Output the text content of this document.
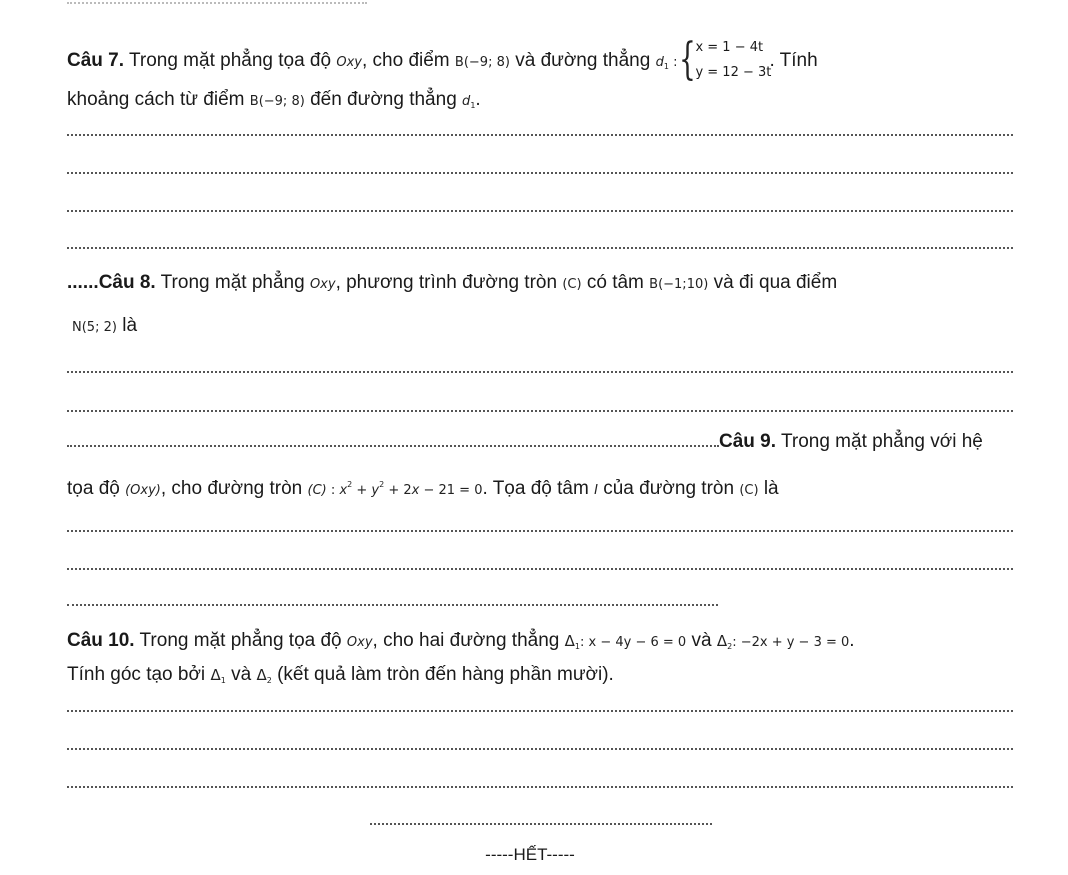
Câu 7. Trong mặt phẳng tọa độ Oxy, cho điểm B(−9; 8) và đường thẳng $d_1$ : { x = 1 − 4t
y = 12 − 3t
. Tính
khoảng cách từ điểm B(−9; 8) đến đường thẳng $d_1$.
......Câu 8. Trong mặt phẳng Oxy, phương trình đường tròn (C) có tâm B(−1;10) và đi qua điểm
N(5; 2) là
Câu 9. Trong mặt phẳng với hệ
tọa độ (Oxy), cho đường tròn (C) : $x^2 + y^2 + 2x - 21 = 0$. Tọa độ tâm I của đường tròn (C) là
Câu 10. Trong mặt phẳng tọa độ Oxy, cho hai đường thẳng $\Delta_1$: x − 4y − 6 = 0 và $\Delta_2$: −2x + y − 3 = 0.
Tính góc tạo bởi $\Delta_1$ và $\Delta_2$ (kết quả làm tròn đến hàng phần mười).
-----HẾT-----
